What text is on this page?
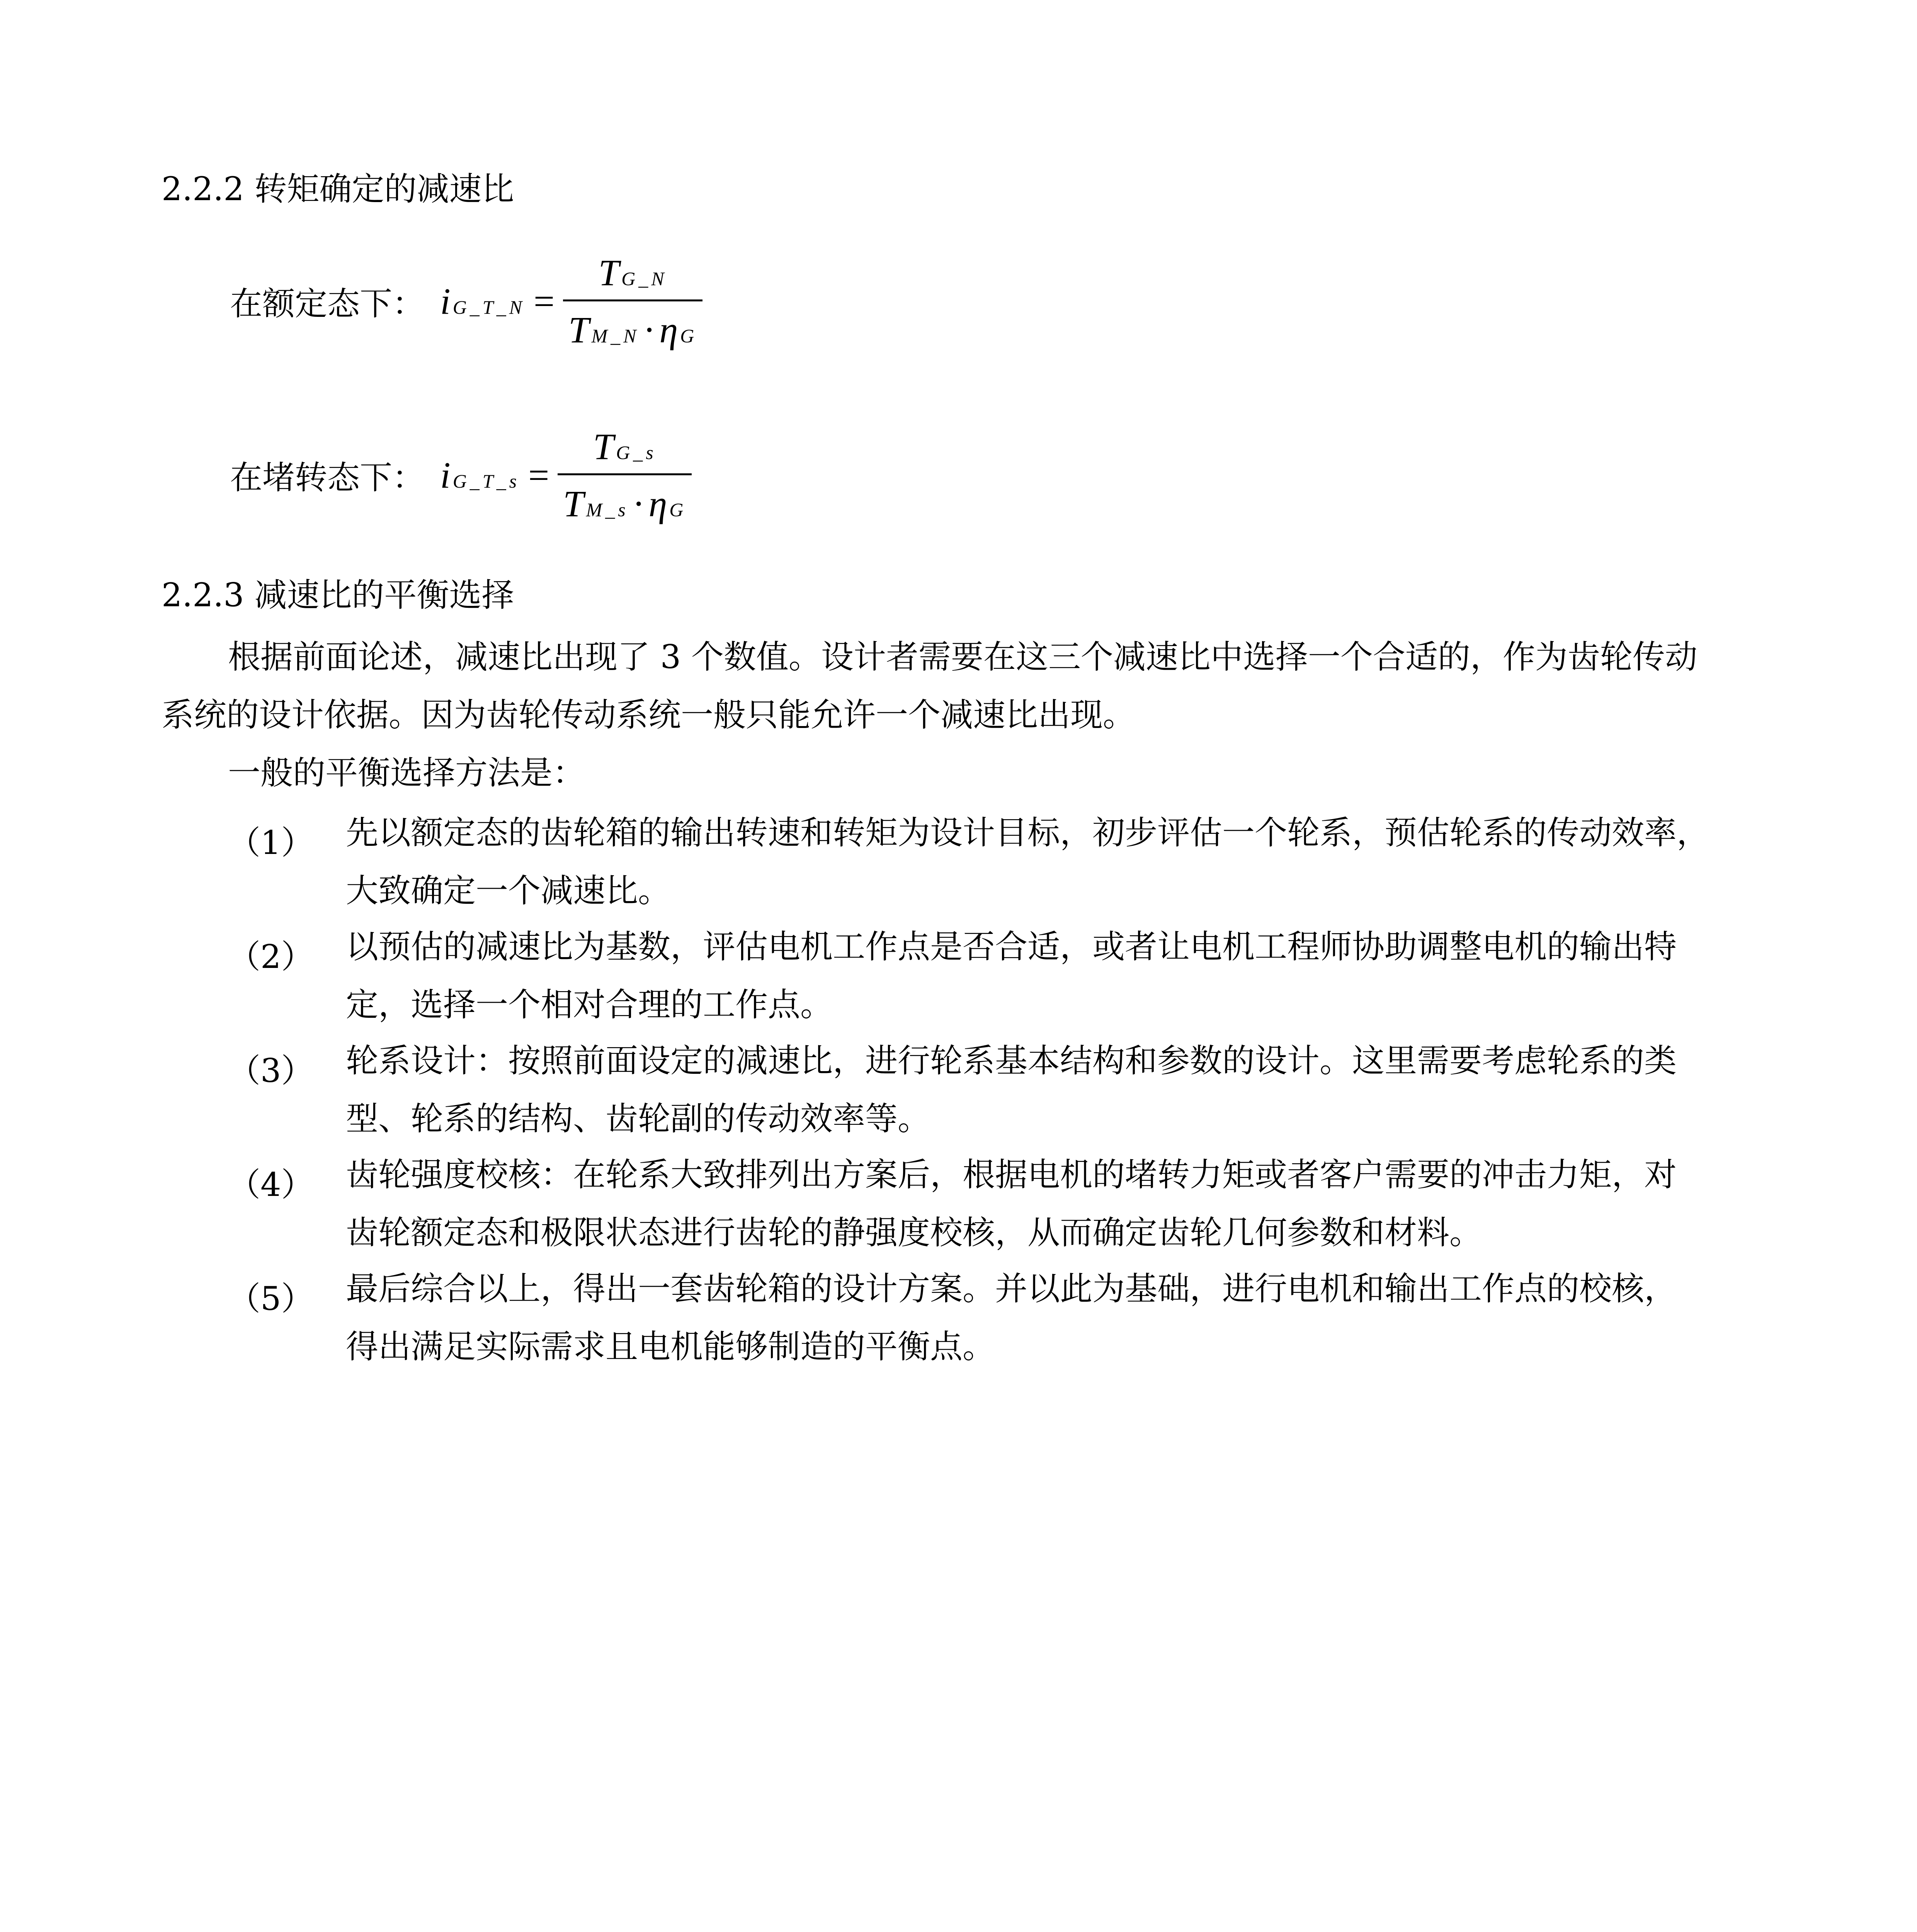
2.2.2 转矩确定的减速比
在额定态下： i G_T_N =
T G_N
T M_N · η G
在堵转态下： i G_T_s =
T G_s
T M_s · η G
2.2.3 减速比的平衡选择
根据前面论述，减速比出现了 3 个数值。设计者需要在这三个减速比中选择一个合适的，作为齿轮传动
系统的设计依据。因为齿轮传动系统一般只能允许一个减速比出现。
一般的平衡选择方法是：
（1） 先以额定态的齿轮箱的输出转速和转矩为设计目标，初步评估一个轮系，预估轮系的传动效率，
大致确定一个减速比。
（2） 以预估的减速比为基数，评估电机工作点是否合适，或者让电机工程师协助调整电机的输出特
定，选择一个相对合理的工作点。
（3） 轮系设计：按照前面设定的减速比，进行轮系基本结构和参数的设计。这里需要考虑轮系的类
型、轮系的结构、齿轮副的传动效率等。
（4） 齿轮强度校核：在轮系大致排列出方案后，根据电机的堵转力矩或者客户需要的冲击力矩，对
齿轮额定态和极限状态进行齿轮的静强度校核，从而确定齿轮几何参数和材料。
（5） 最后综合以上，得出一套齿轮箱的设计方案。并以此为基础，进行电机和输出工作点的校核，
得出满足实际需求且电机能够制造的平衡点。
